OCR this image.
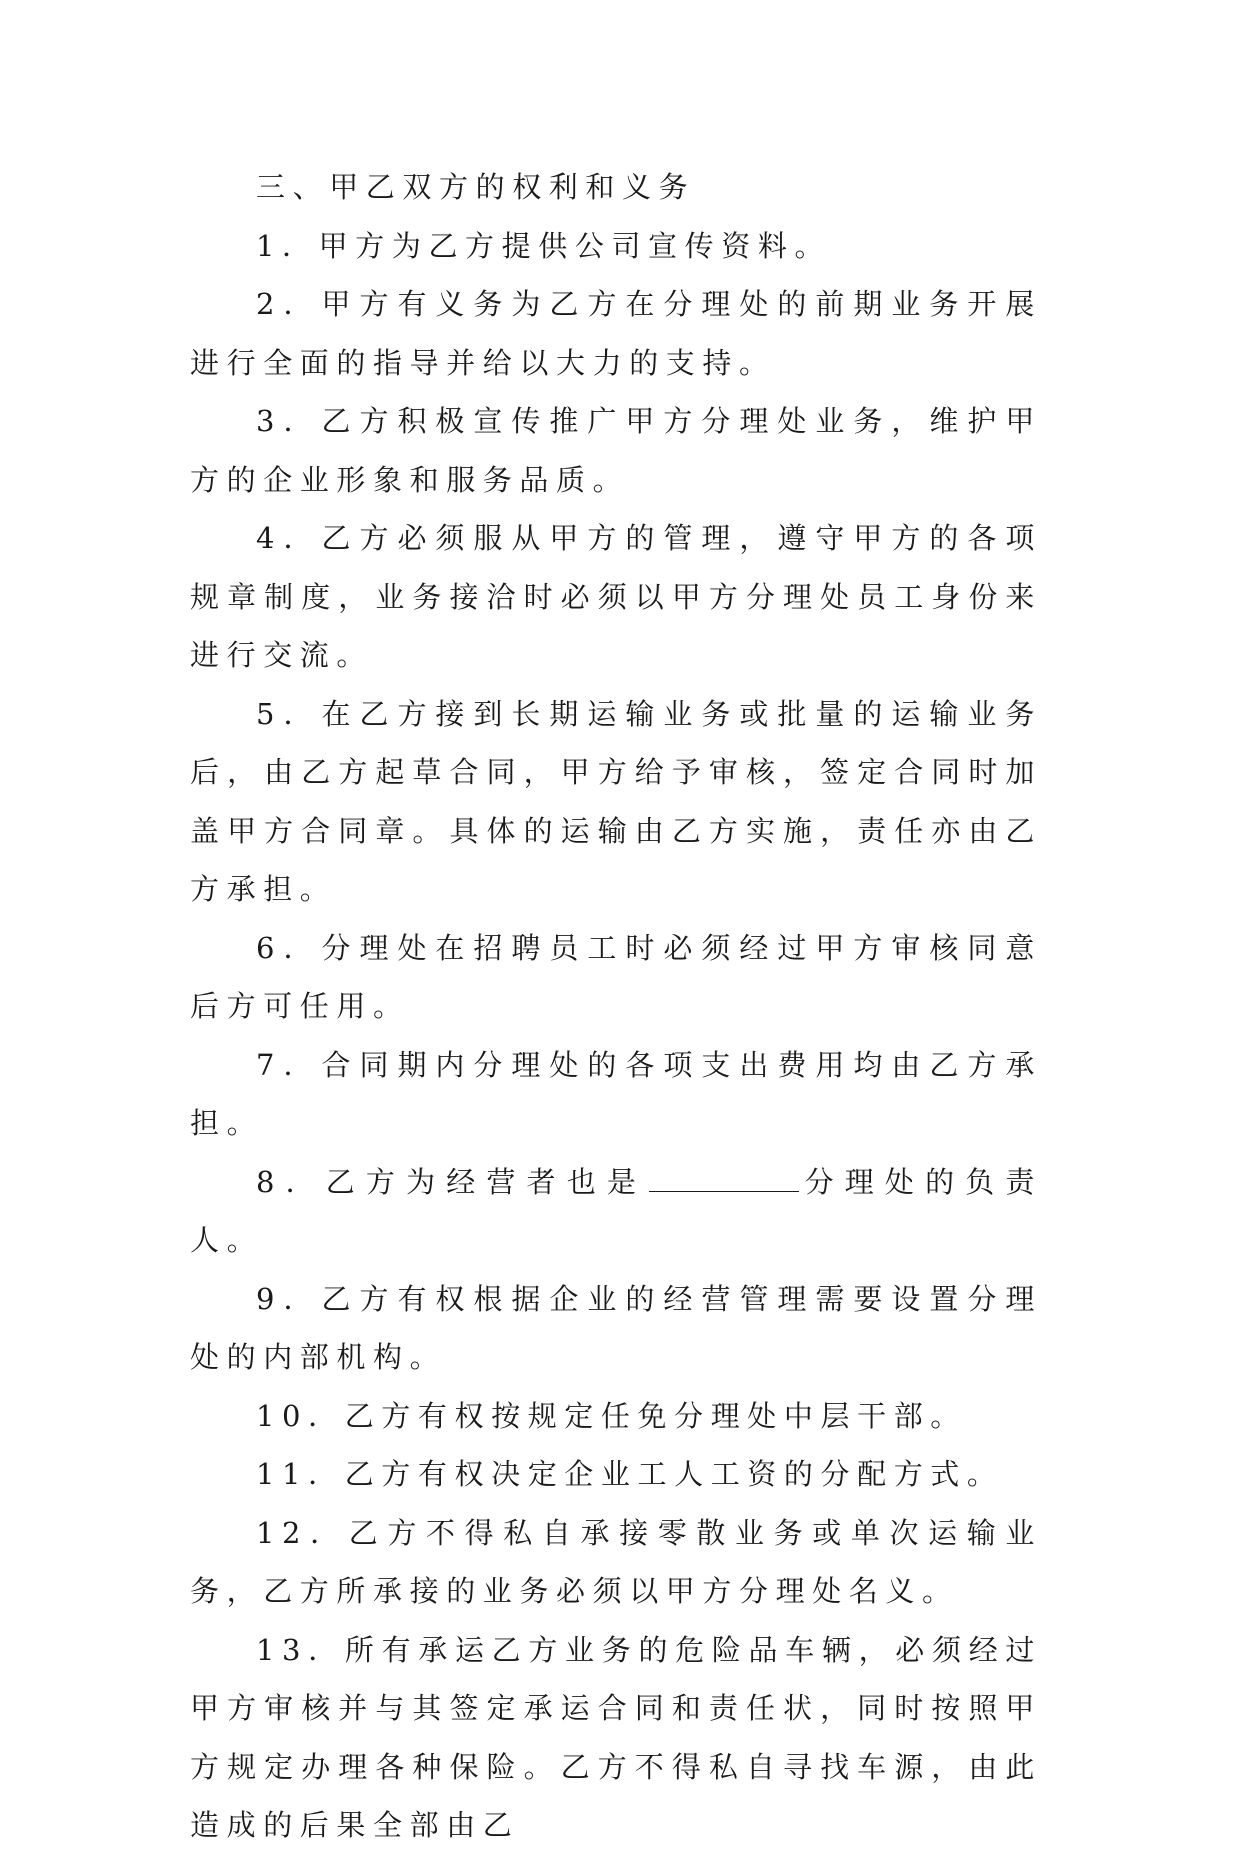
三、甲乙双方的权利和义务

1．甲方为乙方提供公司宣传资料。

2．甲方有义务为乙方在分理处的前期业务开展进行全面的指导并给以大力的支持。

3．乙方积极宣传推广甲方分理处业务，维护甲方的企业形象和服务品质。

4．乙方必须服从甲方的管理，遵守甲方的各项规章制度，业务接洽时必须以甲方分理处员工身份来进行交流。

5．在乙方接到长期运输业务或批量的运输业务后，由乙方起草合同，甲方给予审核，签定合同时加盖甲方合同章。具体的运输由乙方实施，责任亦由乙方承担。

6．分理处在招聘员工时必须经过甲方审核同意后方可任用。

7．合同期内分理处的各项支出费用均由乙方承担。

8．乙方为经营者也是	分理处的负责人。

9．乙方有权根据企业的经营管理需要设置分理处的内部机构。

10．乙方有权按规定任免分理处中层干部。

11．乙方有权决定企业工人工资的分配方式。

12．乙方不得私自承接零散业务或单次运输业务，乙方所承接的业务必须以甲方分理处名义。

13．所有承运乙方业务的危险品车辆，必须经过甲方审核并与其签定承运合同和责任状，同时按照甲方规定办理各种保险。乙方不得私自寻找车源，由此造成的后果全部由乙
